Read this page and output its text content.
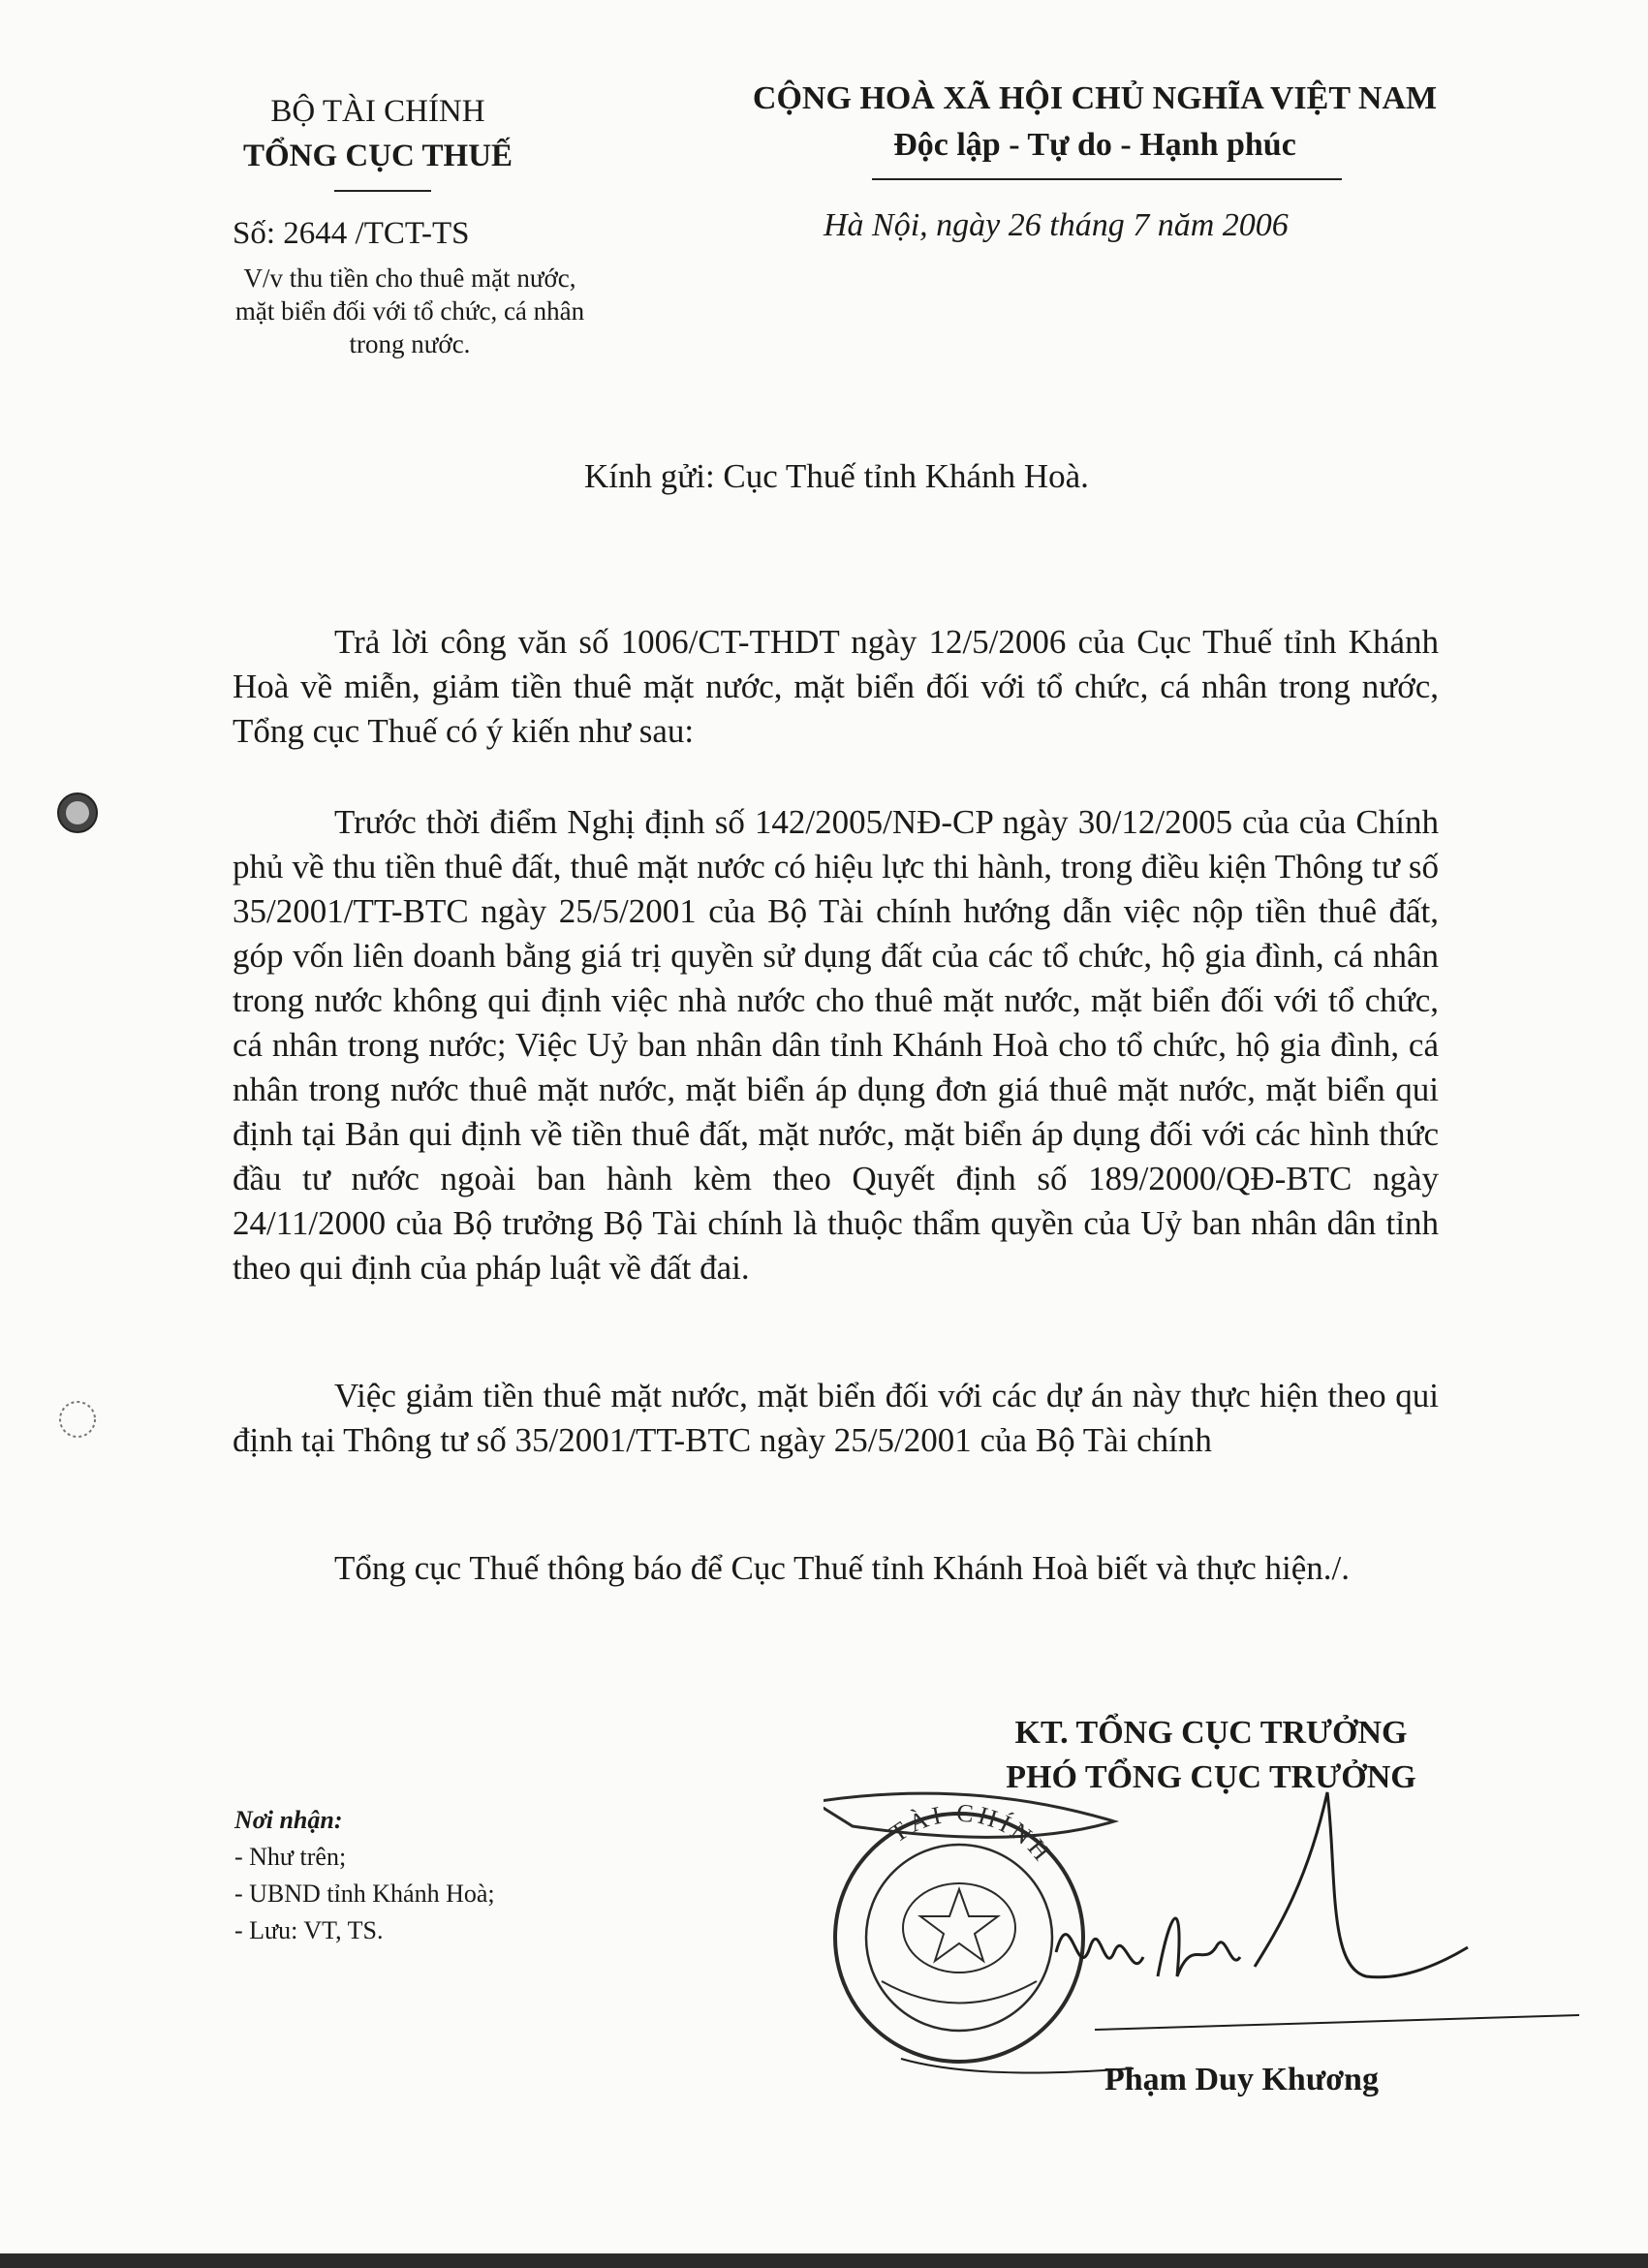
BỘ TÀI CHÍNH
TỔNG CỤC THUẾ
Số: 2644 /TCT-TS
V/v thu tiền cho thuê mặt nước, mặt biển đối với tổ chức, cá nhân trong nước.
CỘNG HOÀ XÃ HỘI CHỦ NGHĨA VIỆT NAM
Độc lập - Tự do - Hạnh phúc
Hà Nội, ngày 26 tháng 7 năm 2006
Kính gửi: Cục Thuế tỉnh Khánh Hoà.
Trả lời công văn số 1006/CT-THDT ngày 12/5/2006 của Cục Thuế tỉnh Khánh Hoà về miễn, giảm tiền thuê mặt nước, mặt biển đối với tổ chức, cá nhân trong nước, Tổng cục Thuế có ý kiến như sau:
Trước thời điểm Nghị định số 142/2005/NĐ-CP ngày 30/12/2005 của của Chính phủ về thu tiền thuê đất, thuê mặt nước có hiệu lực thi hành, trong điều kiện Thông tư số 35/2001/TT-BTC ngày 25/5/2001 của Bộ Tài chính hướng dẫn việc nộp tiền thuê đất, góp vốn liên doanh bằng giá trị quyền sử dụng đất của các tổ chức, hộ gia đình, cá nhân trong nước không qui định việc nhà nước cho thuê mặt nước, mặt biển đối với tổ chức, cá nhân trong nước; Việc Uỷ ban nhân dân tỉnh Khánh Hoà cho tổ chức, hộ gia đình, cá nhân trong nước thuê mặt nước, mặt biển áp dụng đơn giá thuê mặt nước, mặt biển qui định tại Bản qui định về tiền thuê đất, mặt nước, mặt biển áp dụng đối với các hình thức đầu tư nước ngoài ban hành kèm theo Quyết định số 189/2000/QĐ-BTC ngày 24/11/2000 của Bộ trưởng Bộ Tài chính là thuộc thẩm quyền của Uỷ ban nhân dân tỉnh theo qui định của pháp luật về đất đai.
Việc giảm tiền thuê mặt nước, mặt biển đối với các dự án này thực hiện theo qui định tại Thông tư số 35/2001/TT-BTC ngày 25/5/2001 của Bộ Tài chính
Tổng cục Thuế thông báo để Cục Thuế tỉnh Khánh Hoà biết và thực hiện./.
KT. TỔNG CỤC TRƯỞNG
PHÓ TỔNG CỤC TRƯỞNG
Nơi nhận:
- Như trên;
- UBND tỉnh Khánh Hoà;
- Lưu: VT, TS.
TÀI CHÍNH
Phạm Duy Khương
